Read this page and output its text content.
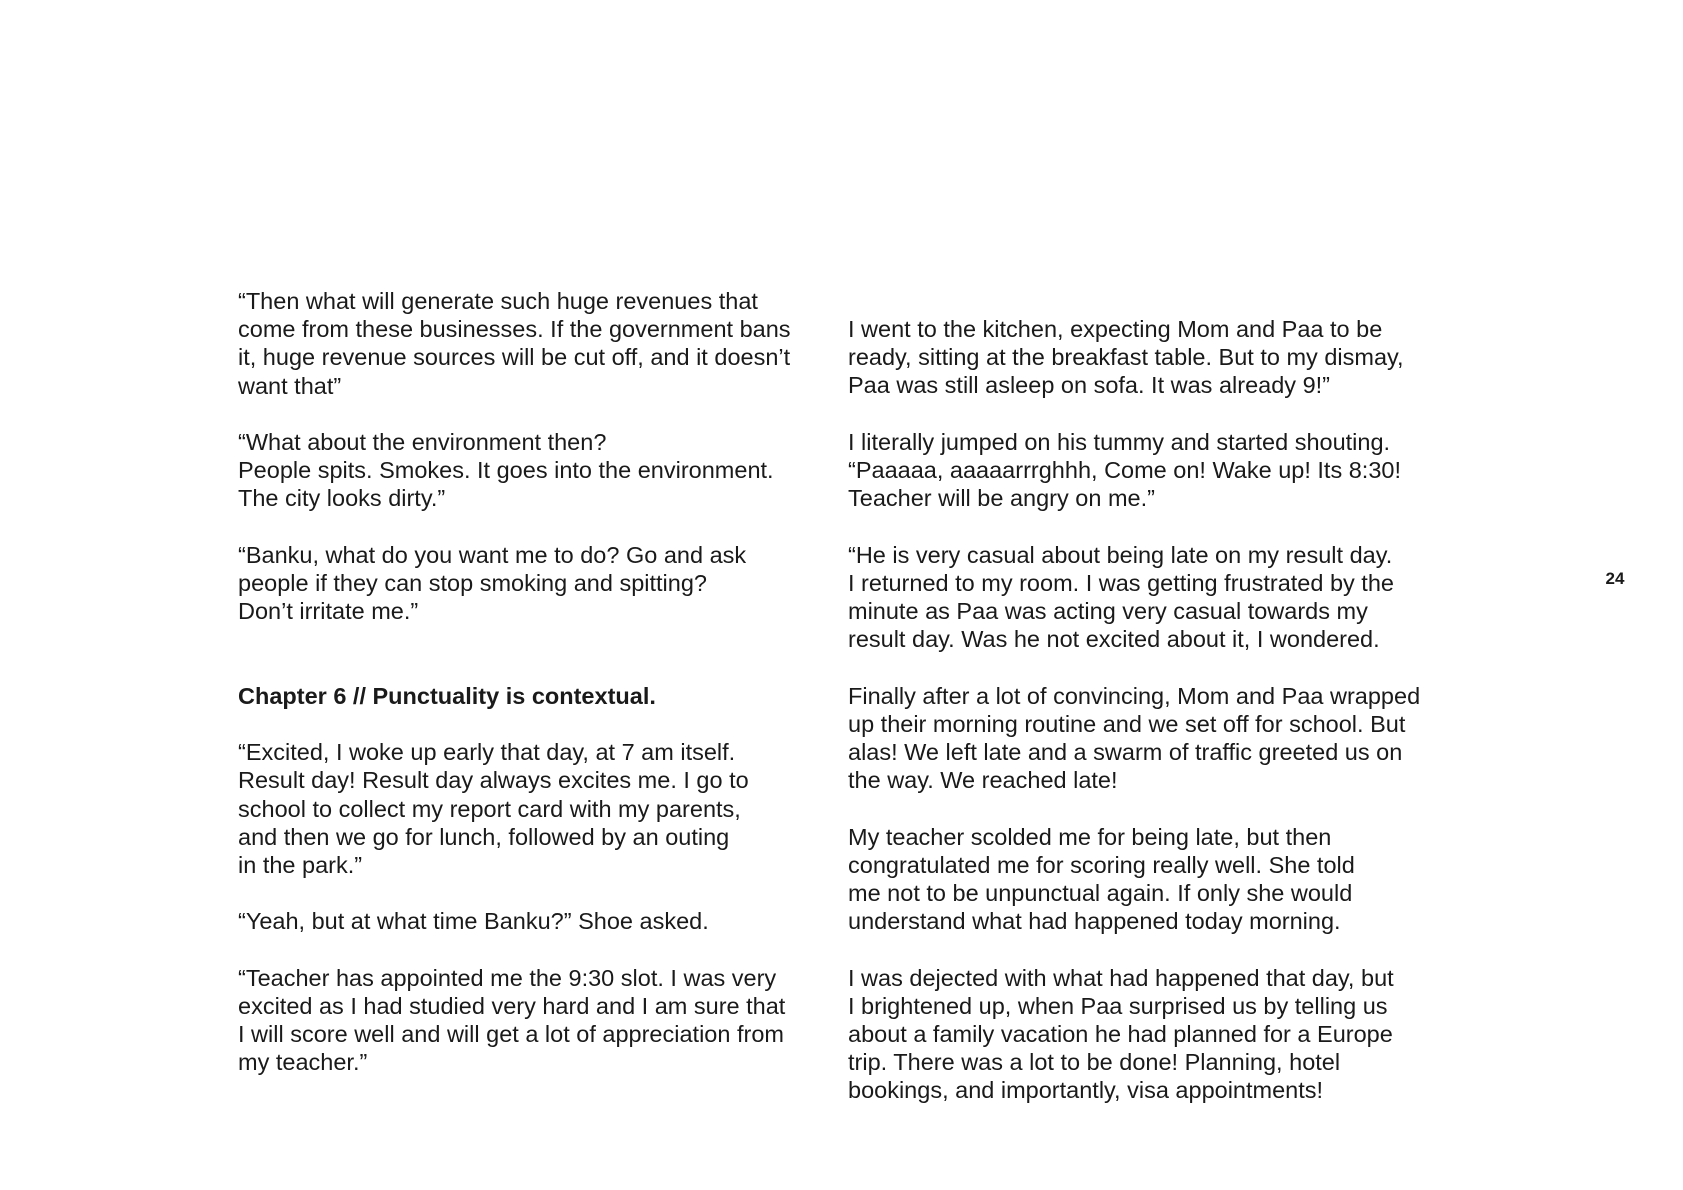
“Then what will generate such huge revenues that
come from these businesses. If the government bans
it, huge revenue sources will be cut off, and it doesn’t
want that”

“What about the environment then?
People spits. Smokes. It goes into the environment.
The city looks dirty.”

“Banku, what do you want me to do? Go and ask
people if they can stop smoking and spitting?
Don’t irritate me.”

Chapter 6 // Punctuality is contextual.

“Excited, I woke up early that day, at 7 am itself.
Result day! Result day always excites me. I go to
school to collect my report card with my parents,
and then we go for lunch, followed by an outing
in the park.”

“Yeah, but at what time Banku?” Shoe asked.

“Teacher has appointed me the 9:30 slot. I was very
excited as I had studied very hard and I am sure that
I will score well and will get a lot of appreciation from
my teacher.”

I went to the kitchen, expecting Mom and Paa to be
ready, sitting at the breakfast table. But to my dismay,
Paa was still asleep on sofa. It was already 9!”

I literally jumped on his tummy and started shouting.
“Paaaaa, aaaaarrrghhh, Come on! Wake up! Its 8:30!
Teacher will be angry on me.”

“He is very casual about being late on my result day.
I returned to my room. I was getting frustrated by the
minute as Paa was acting very casual towards my
result day. Was he not excited about it, I wondered.

Finally after a lot of convincing, Mom and Paa wrapped
up their morning routine and we set off for school. But
alas! We left late and a swarm of traffic greeted us on
the way. We reached late!

My teacher scolded me for being late, but then
congratulated me for scoring really well. She told
me not to be unpunctual again. If only she would
understand what had happened today morning.

I was dejected with what had happened that day, but
I brightened up, when Paa surprised us by telling us
about a family vacation he had planned for a Europe
trip. There was a lot to be done! Planning, hotel
bookings, and importantly, visa appointments!

24
